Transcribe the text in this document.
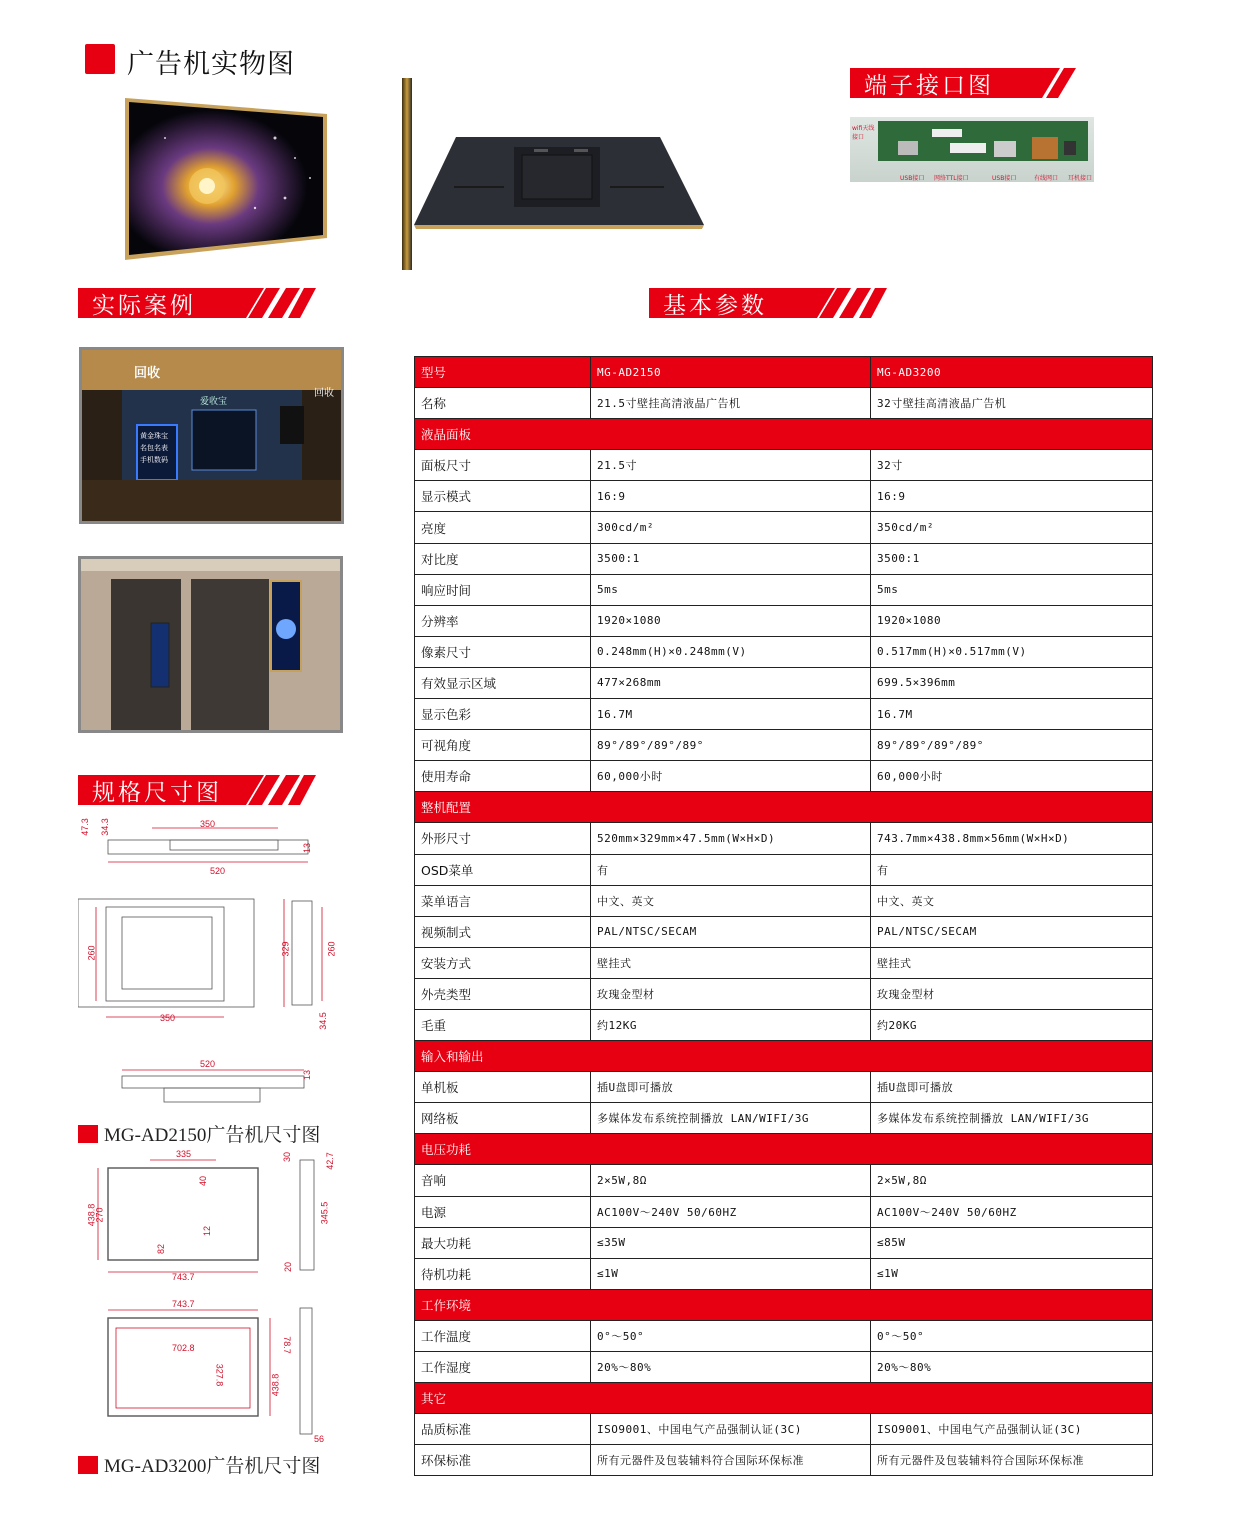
广告机实物图
端子接口图
wifi天线接口
USB接口 网络TTL接口	USB接口	有线网口 耳机接口
实际案例	基本参数
回收
回收
爱收宝
黄金珠宝
名包名表
手机数码
规格尺寸图
350
47.3 34.3
13
520
260
350
329	260
34.5
520
13
MG-AD2150广告机尺寸图
335
40
438.8
270
12
82
743.7
20
30	42.7
345.5
743.7
702.8
327.8	438.8
78.7
56
MG-AD3200广告机尺寸图
型号	MG-AD2150	MG-AD3200
名称	21.5寸壁挂高清液晶广告机	32寸壁挂高清液晶广告机
液晶面板		
面板尺寸	21.5寸	32寸
显示模式	16:9	16:9
亮度	300cd/m²	350cd/m²
对比度	3500:1	3500:1
响应时间	5ms	5ms
分辨率	1920×1080	1920×1080
像素尺寸	0.248mm(H)×0.248mm(V)	0.517mm(H)×0.517mm(V)
有效显示区域	477×268mm	699.5×396mm
显示色彩	16.7M	16.7M
可视角度	89°/89°/89°/89°	89°/89°/89°/89°
使用寿命	60,000小时	60,000小时
整机配置		
外形尺寸	520mm×329mm×47.5mm(W×H×D)	743.7mm×438.8mm×56mm(W×H×D)
OSD菜单	有	有
菜单语言	中文、英文	中文、英文
视频制式	PAL/NTSC/SECAM	PAL/NTSC/SECAM
安装方式	壁挂式	壁挂式
外壳类型	玫瑰金型材	玫瑰金型材
毛重	约12KG	约20KG
输入和输出		
单机板	插U盘即可播放	插U盘即可播放
网络板	多媒体发布系统控制播放 LAN/WIFI/3G	多媒体发布系统控制播放 LAN/WIFI/3G
电压功耗		
音响	2×5W,8Ω	2×5W,8Ω
电源	AC100V～240V 50/60HZ	AC100V～240V 50/60HZ
最大功耗	≤35W	≤85W
待机功耗	≤1W	≤1W
工作环境		
工作温度	0°～50°	0°～50°
工作湿度	20%～80%	20%～80%
其它		
品质标准	ISO9001、中国电气产品强制认证(3C)	ISO9001、中国电气产品强制认证(3C)
环保标准	所有元器件及包装辅料符合国际环保标准	所有元器件及包装辅料符合国际环保标准
